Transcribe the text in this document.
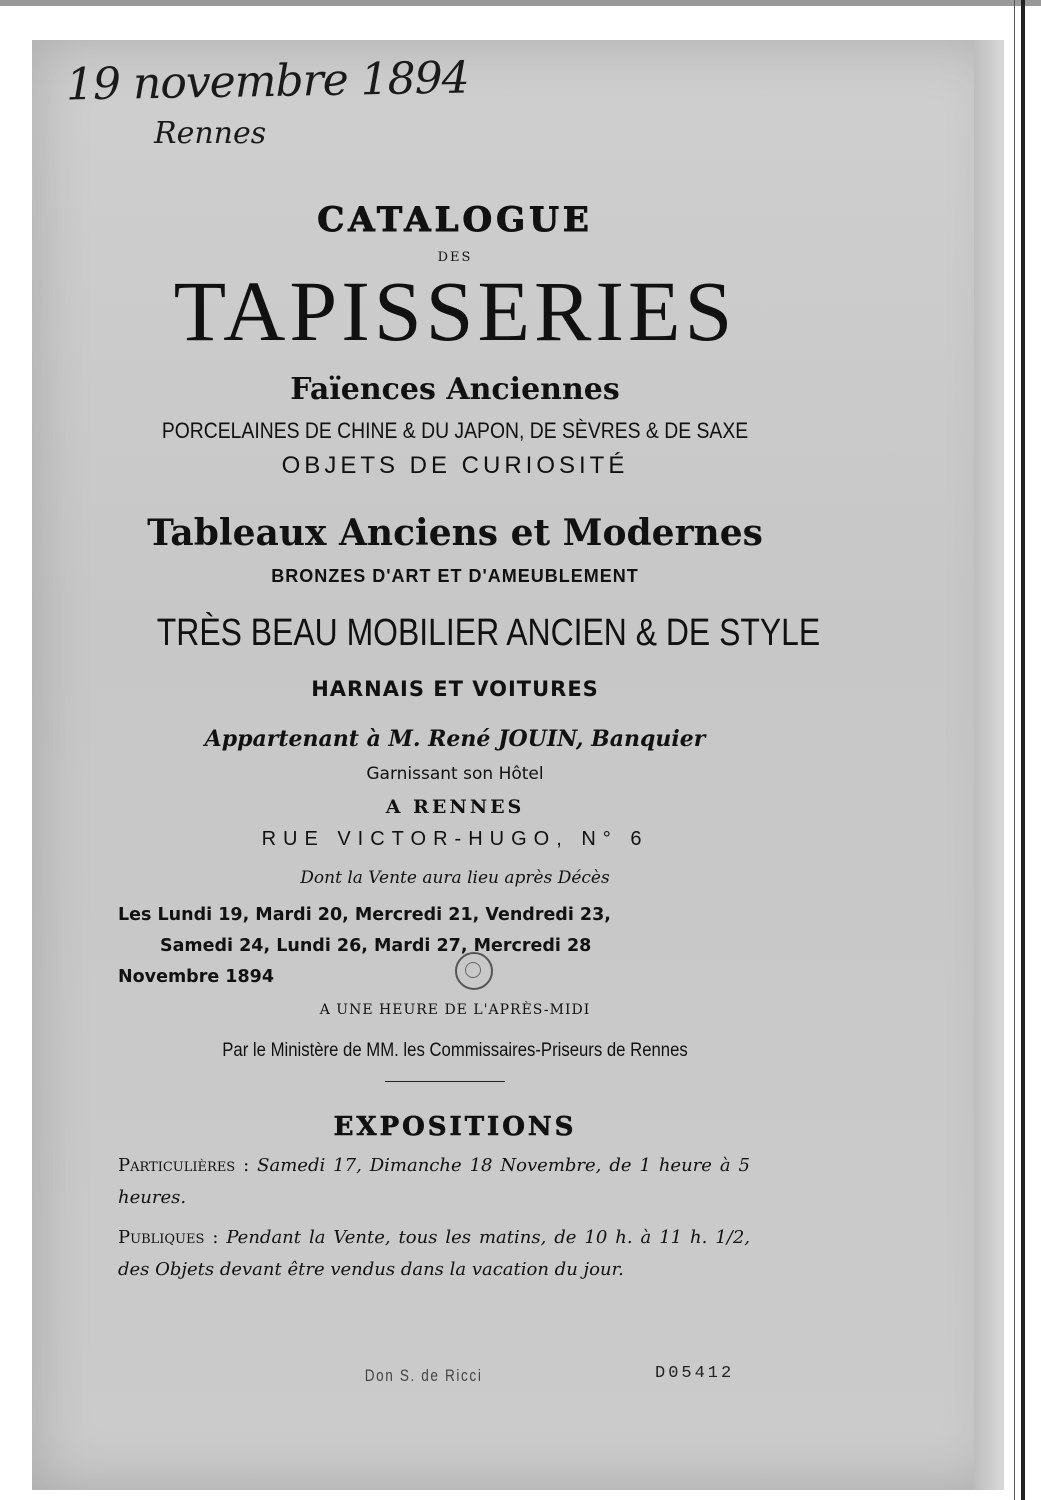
19 novembre 1894
Rennes
CATALOGUE
DES
TAPISSERIES
Faïences Anciennes
PORCELAINES DE CHINE & DU JAPON, DE SÈVRES & DE SAXE
OBJETS DE CURIOSITÉ
Tableaux Anciens et Modernes
BRONZES D'ART ET D'AMEUBLEMENT
TRÈS BEAU MOBILIER ANCIEN & DE STYLE
HARNAIS ET VOITURES
Appartenant à M. René JOUIN, Banquier
Garnissant son Hôtel
A RENNES
RUE VICTOR-HUGO, N° 6
Dont la Vente aura lieu après Décès
Les Lundi 19, Mardi 20, Mercredi 21, Vendredi 23,
Samedi 24, Lundi 26, Mardi 27, Mercredi 28
Novembre 1894
A UNE HEURE DE L'APRÈS-MIDI
Par le Ministère de MM. les Commissaires-Priseurs de Rennes
EXPOSITIONS
Particulières : Samedi 17, Dimanche 18 Novembre, de 1 heure à 5 heures.
Publiques : Pendant la Vente, tous les matins, de 10 h. à 11 h. 1/2, des Objets devant être vendus dans la vacation du jour.
Don S. de Ricci	D05412
